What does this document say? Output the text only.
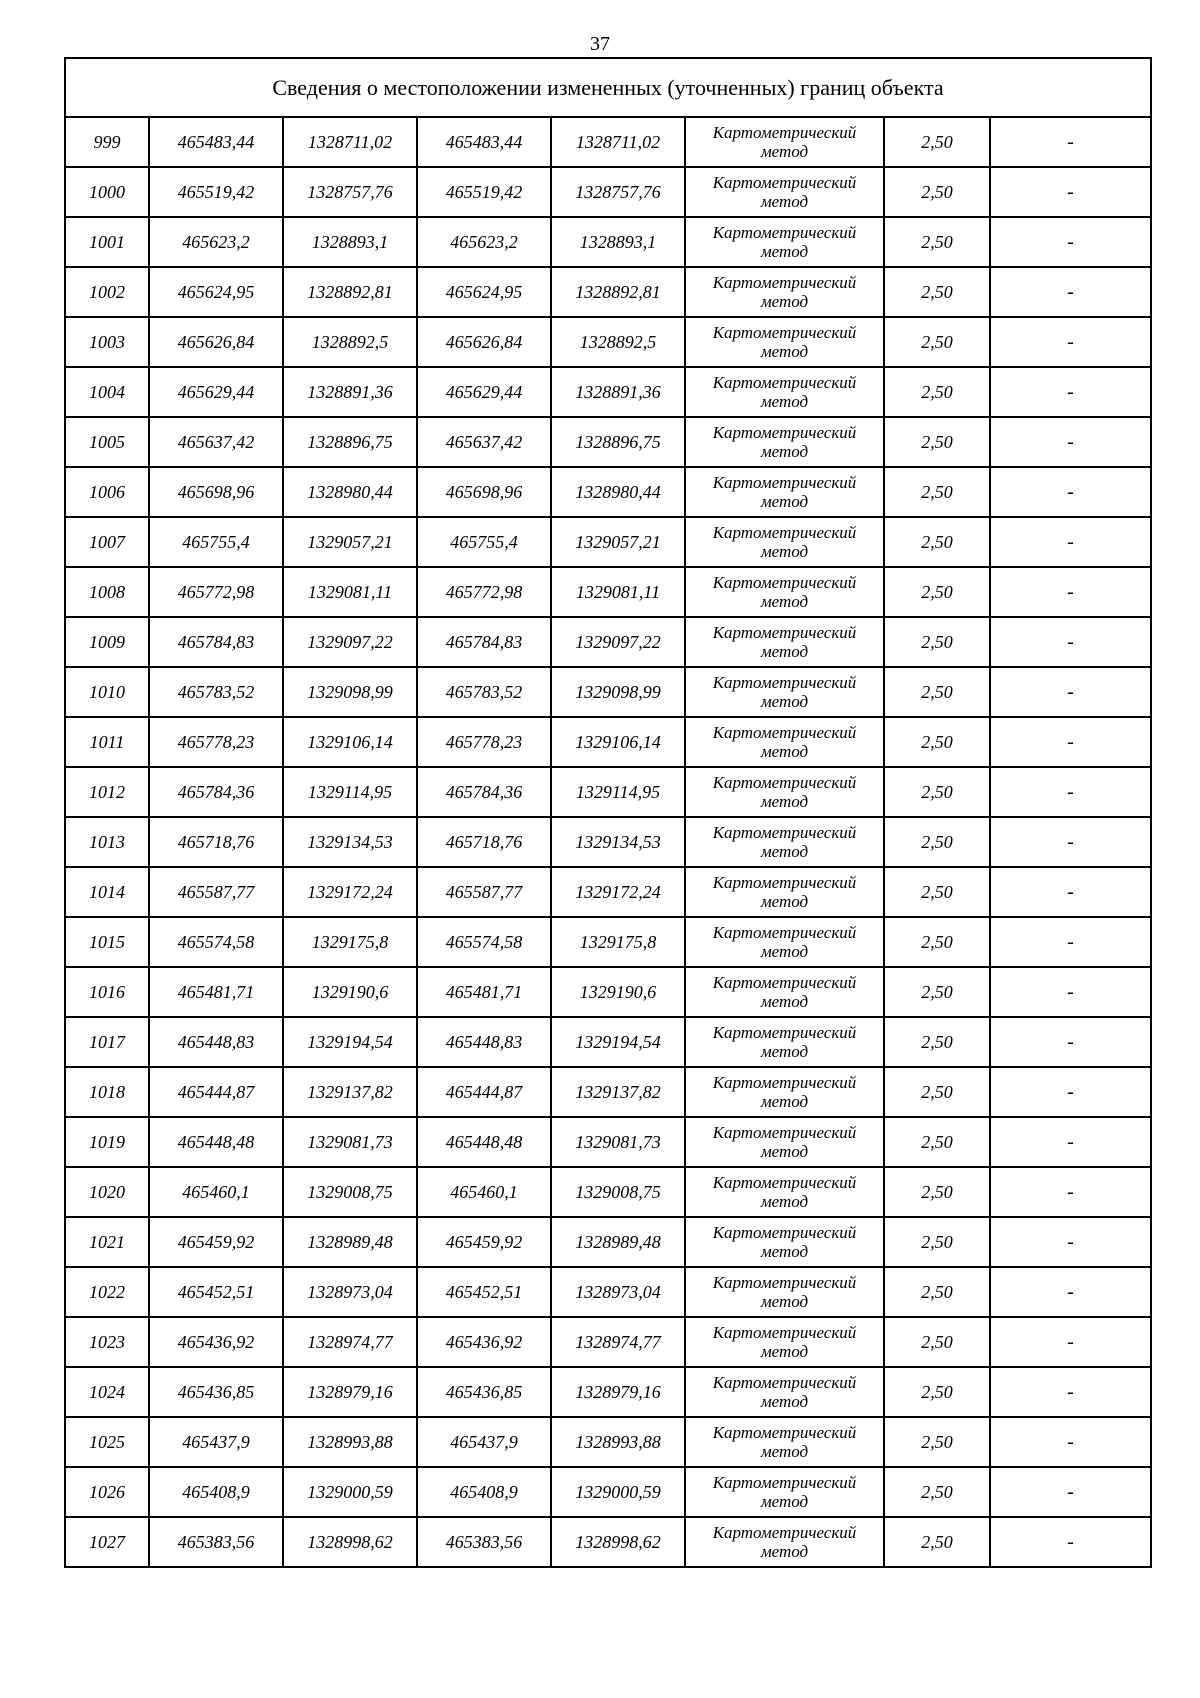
37
Сведения о местоположении измененных (уточненных) границ объекта							
999	465483,44	1328711,02	465483,44	1328711,02	Картометрический метод	2,50	-
1000	465519,42	1328757,76	465519,42	1328757,76	Картометрический метод	2,50	-
1001	465623,2	1328893,1	465623,2	1328893,1	Картометрический метод	2,50	-
1002	465624,95	1328892,81	465624,95	1328892,81	Картометрический метод	2,50	-
1003	465626,84	1328892,5	465626,84	1328892,5	Картометрический метод	2,50	-
1004	465629,44	1328891,36	465629,44	1328891,36	Картометрический метод	2,50	-
1005	465637,42	1328896,75	465637,42	1328896,75	Картометрический метод	2,50	-
1006	465698,96	1328980,44	465698,96	1328980,44	Картометрический метод	2,50	-
1007	465755,4	1329057,21	465755,4	1329057,21	Картометрический метод	2,50	-
1008	465772,98	1329081,11	465772,98	1329081,11	Картометрический метод	2,50	-
1009	465784,83	1329097,22	465784,83	1329097,22	Картометрический метод	2,50	-
1010	465783,52	1329098,99	465783,52	1329098,99	Картометрический метод	2,50	-
1011	465778,23	1329106,14	465778,23	1329106,14	Картометрический метод	2,50	-
1012	465784,36	1329114,95	465784,36	1329114,95	Картометрический метод	2,50	-
1013	465718,76	1329134,53	465718,76	1329134,53	Картометрический метод	2,50	-
1014	465587,77	1329172,24	465587,77	1329172,24	Картометрический метод	2,50	-
1015	465574,58	1329175,8	465574,58	1329175,8	Картометрический метод	2,50	-
1016	465481,71	1329190,6	465481,71	1329190,6	Картометрический метод	2,50	-
1017	465448,83	1329194,54	465448,83	1329194,54	Картометрический метод	2,50	-
1018	465444,87	1329137,82	465444,87	1329137,82	Картометрический метод	2,50	-
1019	465448,48	1329081,73	465448,48	1329081,73	Картометрический метод	2,50	-
1020	465460,1	1329008,75	465460,1	1329008,75	Картометрический метод	2,50	-
1021	465459,92	1328989,48	465459,92	1328989,48	Картометрический метод	2,50	-
1022	465452,51	1328973,04	465452,51	1328973,04	Картометрический метод	2,50	-
1023	465436,92	1328974,77	465436,92	1328974,77	Картометрический метод	2,50	-
1024	465436,85	1328979,16	465436,85	1328979,16	Картометрический метод	2,50	-
1025	465437,9	1328993,88	465437,9	1328993,88	Картометрический метод	2,50	-
1026	465408,9	1329000,59	465408,9	1329000,59	Картометрический метод	2,50	-
1027	465383,56	1328998,62	465383,56	1328998,62	Картометрический метод	2,50	-
